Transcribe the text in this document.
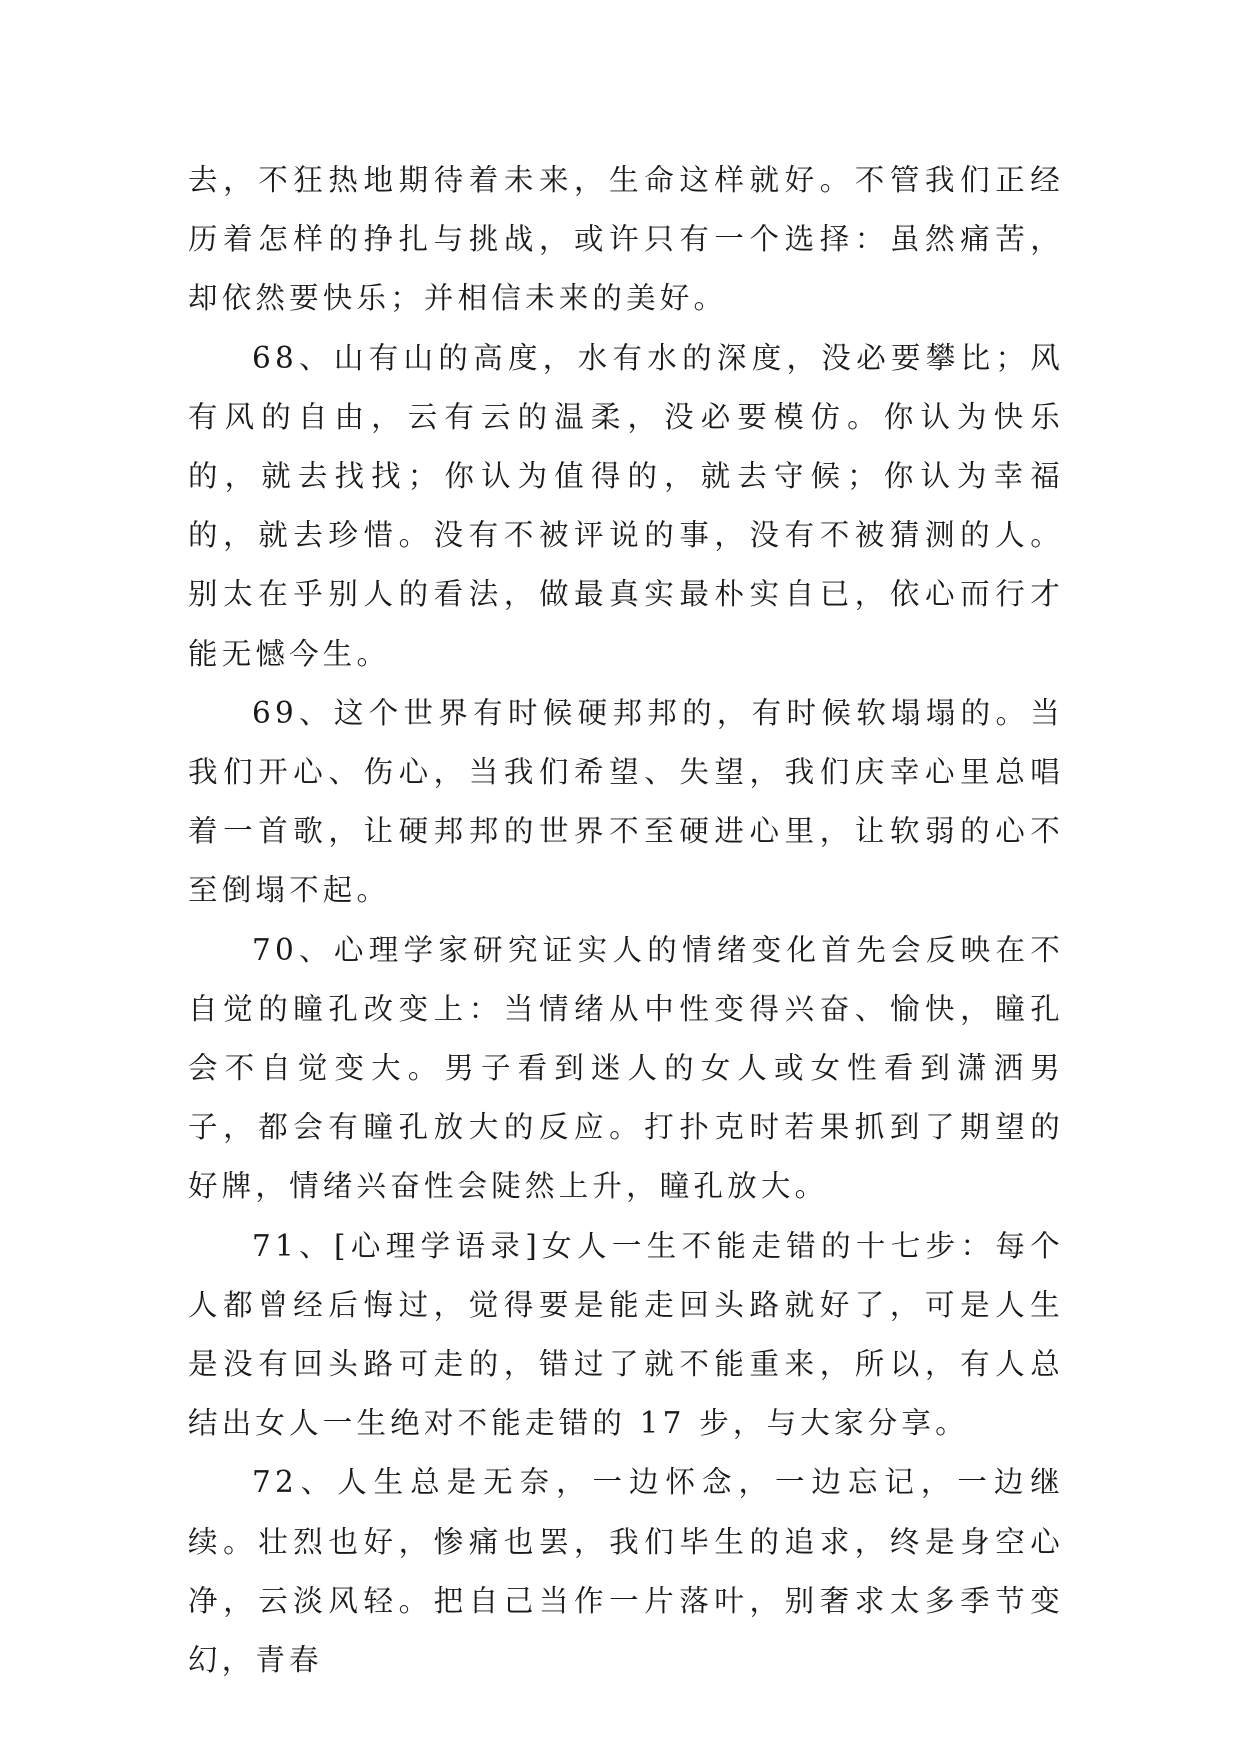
去，不狂热地期待着未来，生命这样就好。不管我们正经历着怎样的挣扎与挑战，或许只有一个选择：虽然痛苦，却依然要快乐；并相信未来的美好。

68、山有山的高度，水有水的深度，没必要攀比；风有风的自由，云有云的温柔，没必要模仿。你认为快乐的，就去找找；你认为值得的，就去守候；你认为幸福的，就去珍惜。没有不被评说的事，没有不被猜测的人。别太在乎别人的看法，做最真实最朴实自已，依心而行才能无憾今生。

69、这个世界有时候硬邦邦的，有时候软塌塌的。当我们开心、伤心，当我们希望、失望，我们庆幸心里总唱着一首歌，让硬邦邦的世界不至硬进心里，让软弱的心不至倒塌不起。

70、心理学家研究证实人的情绪变化首先会反映在不自觉的瞳孔改变上：当情绪从中性变得兴奋、愉快，瞳孔会不自觉变大。男子看到迷人的女人或女性看到潇洒男子，都会有瞳孔放大的反应。打扑克时若果抓到了期望的好牌，情绪兴奋性会陡然上升，瞳孔放大。

71、[心理学语录]女人一生不能走错的十七步：每个人都曾经后悔过，觉得要是能走回头路就好了，可是人生是没有回头路可走的，错过了就不能重来，所以，有人总结出女人一生绝对不能走错的 17 步，与大家分享。

72、人生总是无奈，一边怀念，一边忘记，一边继续。壮烈也好，惨痛也罢，我们毕生的追求，终是身空心净，云淡风轻。把自己当作一片落叶，别奢求太多季节变幻，青春
